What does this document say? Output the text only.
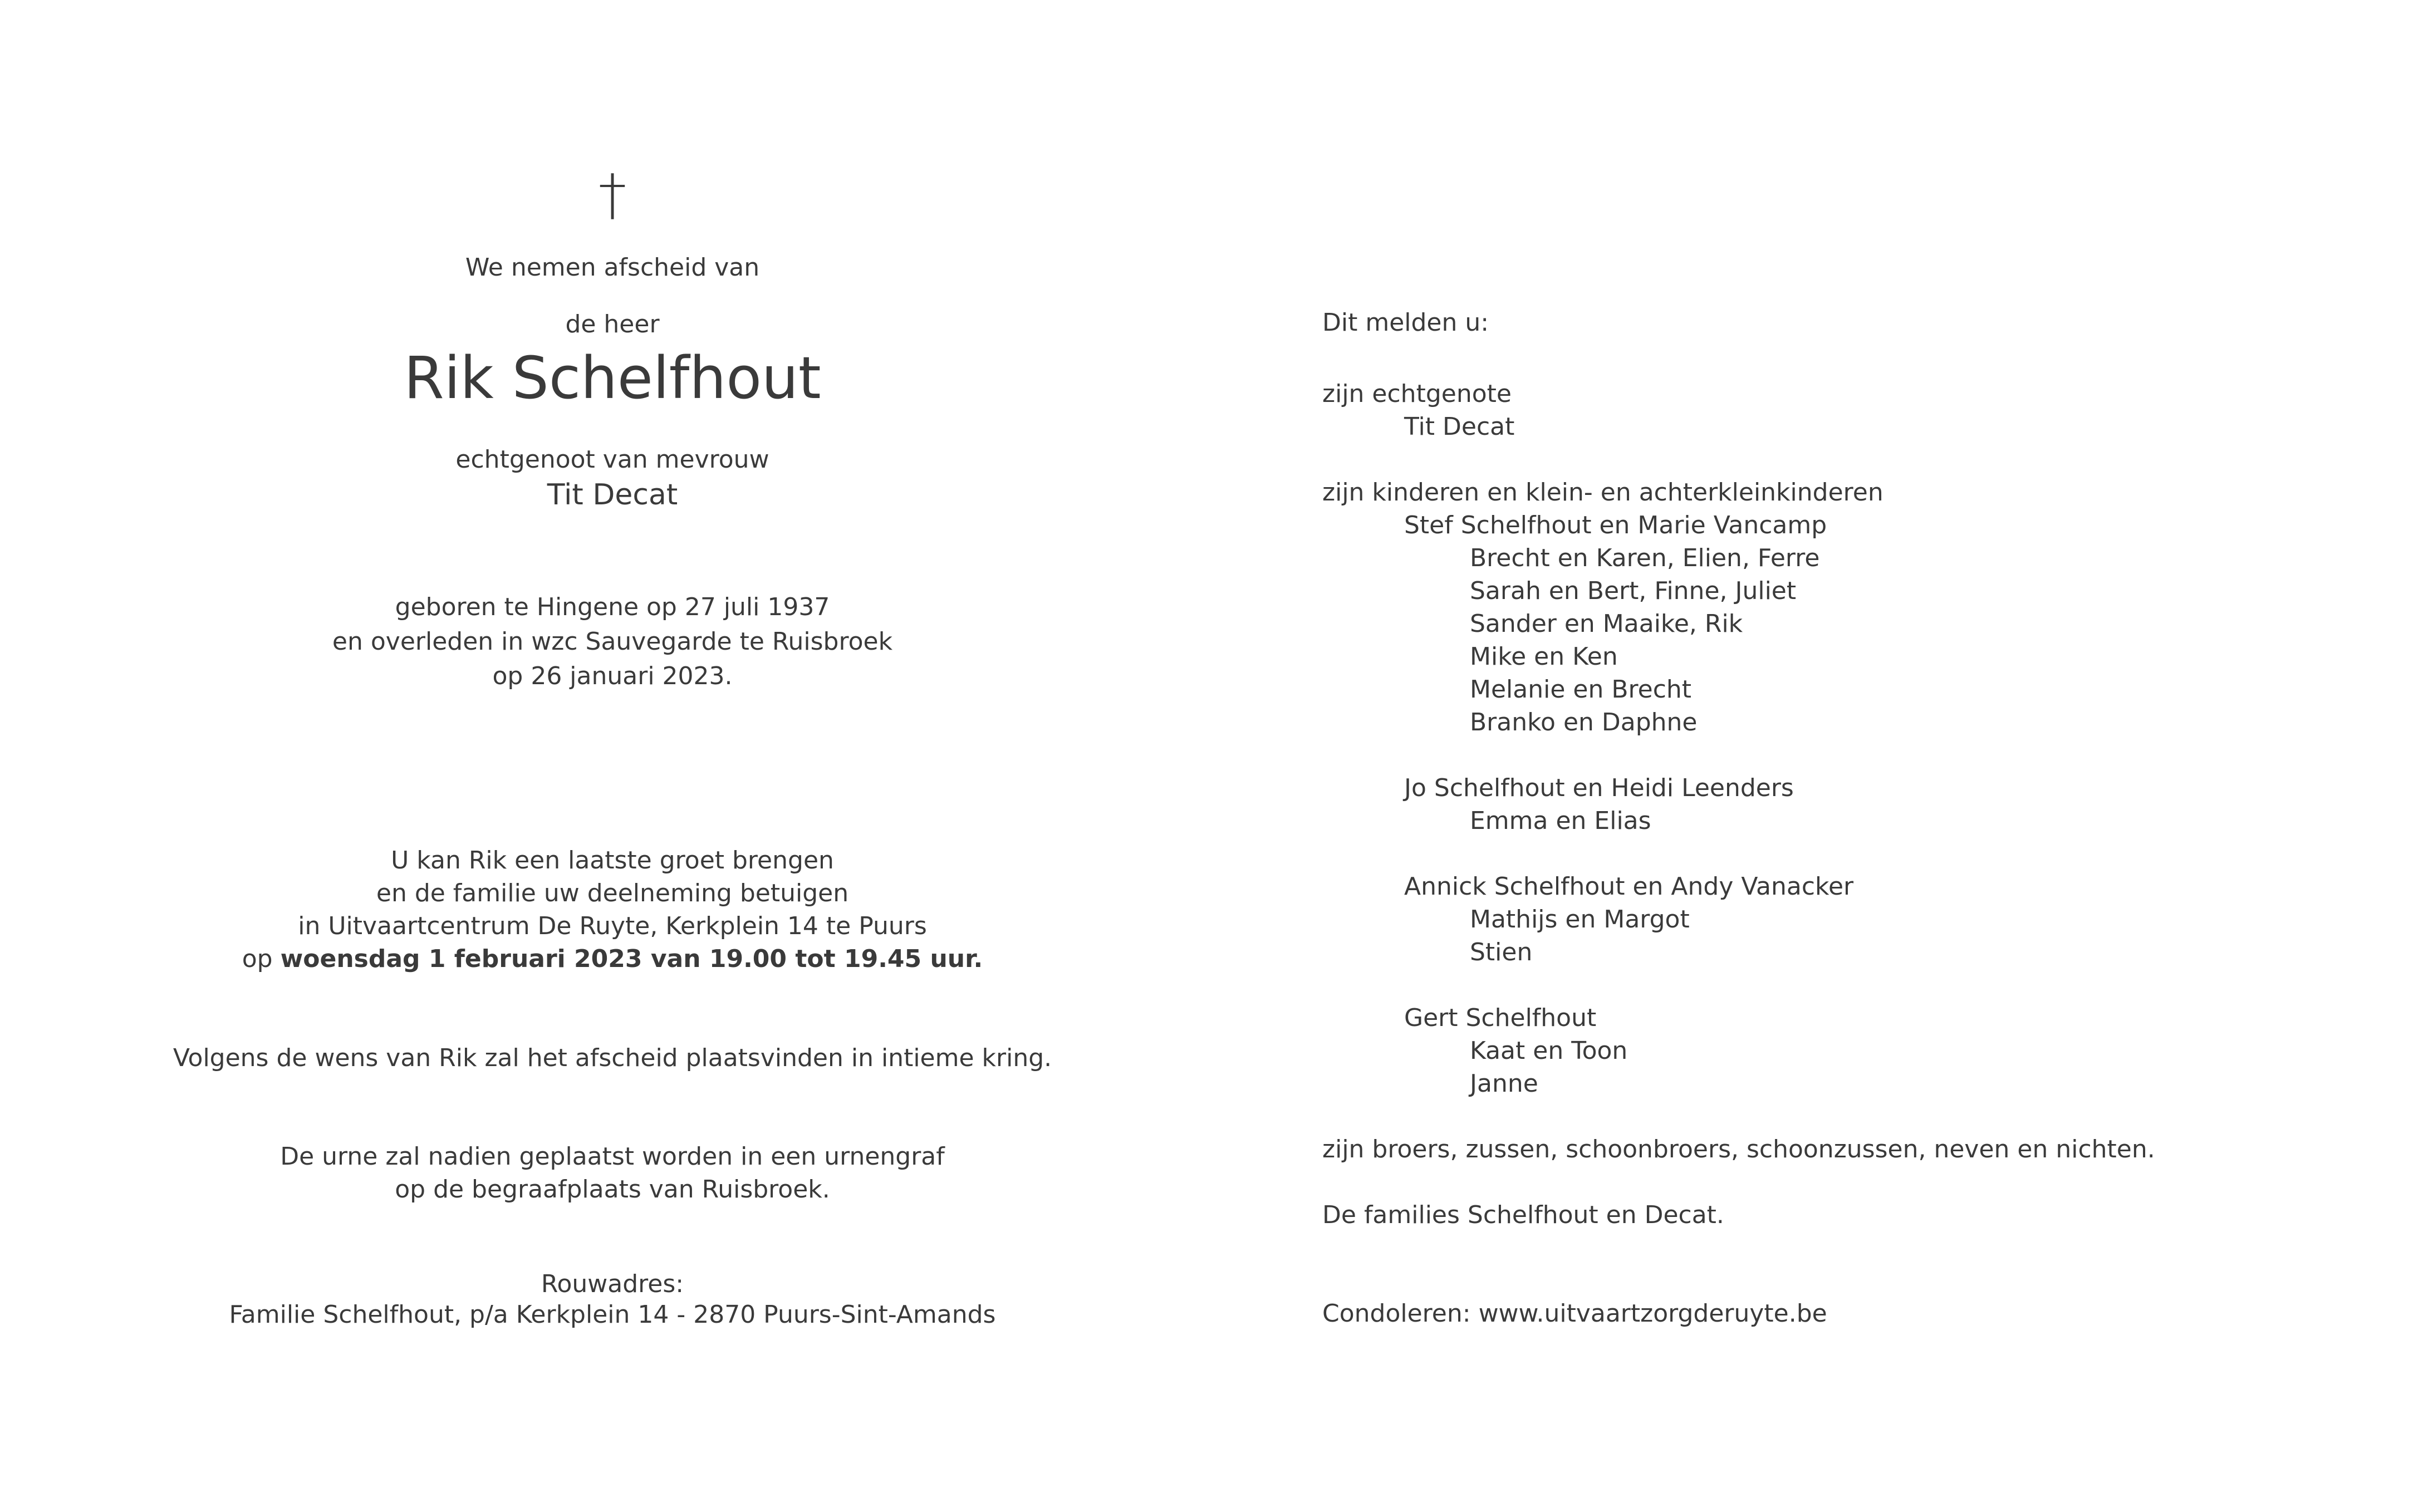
†
We nemen afscheid van
de heer
Rik Schelfhout
echtgenoot van mevrouw
Tit Decat
geboren te Hingene op 27 juli 1937
en overleden in wzc Sauvegarde te Ruisbroek
op 26 januari 2023.
U kan Rik een laatste groet brengen
en de familie uw deelneming betuigen
in Uitvaartcentrum De Ruyte, Kerkplein 14 te Puurs
op woensdag 1 februari 2023 van 19.00 tot 19.45 uur.
Volgens de wens van Rik zal het afscheid plaatsvinden in intieme kring.
De urne zal nadien geplaatst worden in een urnengraf
op de begraafplaats van Ruisbroek.
Rouwadres:
Familie Schelfhout, p/a Kerkplein 14 - 2870 Puurs-Sint-Amands
Dit melden u:
zijn echtgenote
Tit Decat
zijn kinderen en klein- en achterkleinkinderen
Stef Schelfhout en Marie Vancamp
Brecht en Karen, Elien, Ferre
Sarah en Bert, Finne, Juliet
Sander en Maaike, Rik
Mike en Ken
Melanie en Brecht
Branko en Daphne
Jo Schelfhout en Heidi Leenders
Emma en Elias
Annick Schelfhout en Andy Vanacker
Mathijs en Margot
Stien
Gert Schelfhout
Kaat en Toon
Janne
zijn broers, zussen, schoonbroers, schoonzussen, neven en nichten.
De families Schelfhout en Decat.
Condoleren: www.uitvaartzorgderuyte.be
